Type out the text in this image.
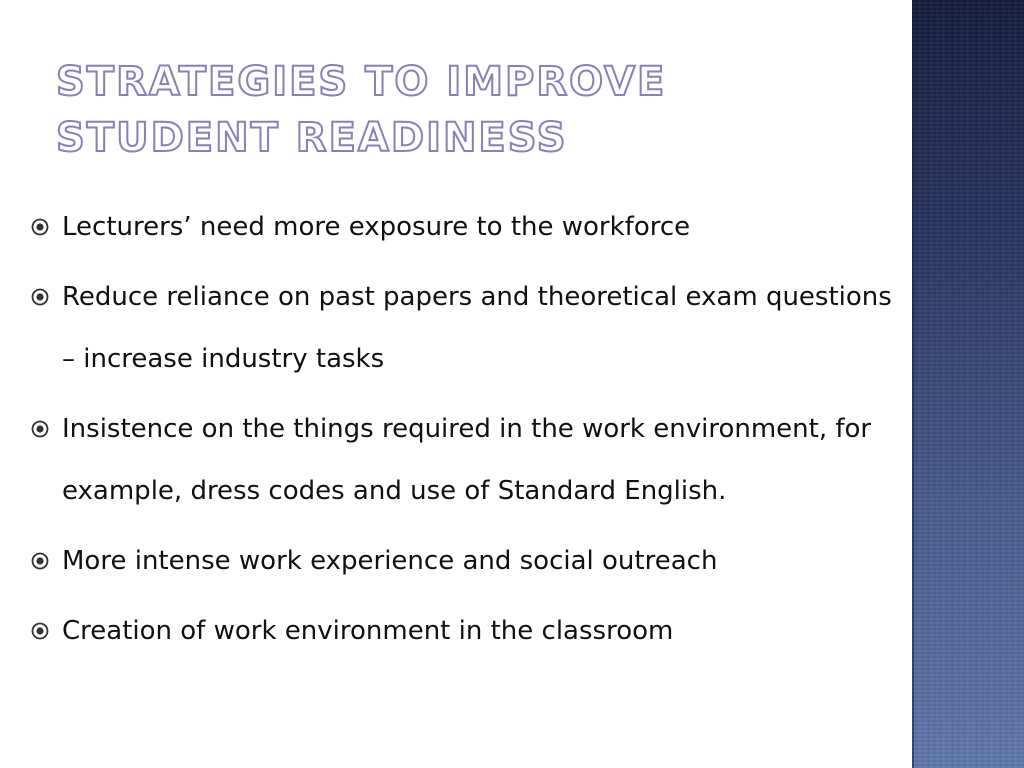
STRATEGIES TO IMPROVE STUDENT READINESS
Lecturers’ need more exposure to the workforce
Reduce reliance on past papers and theoretical exam questions – increase industry tasks
Insistence on the things required in the work environment, for example, dress codes and use of Standard English.
More intense work experience and social outreach
Creation of work environment in the classroom
